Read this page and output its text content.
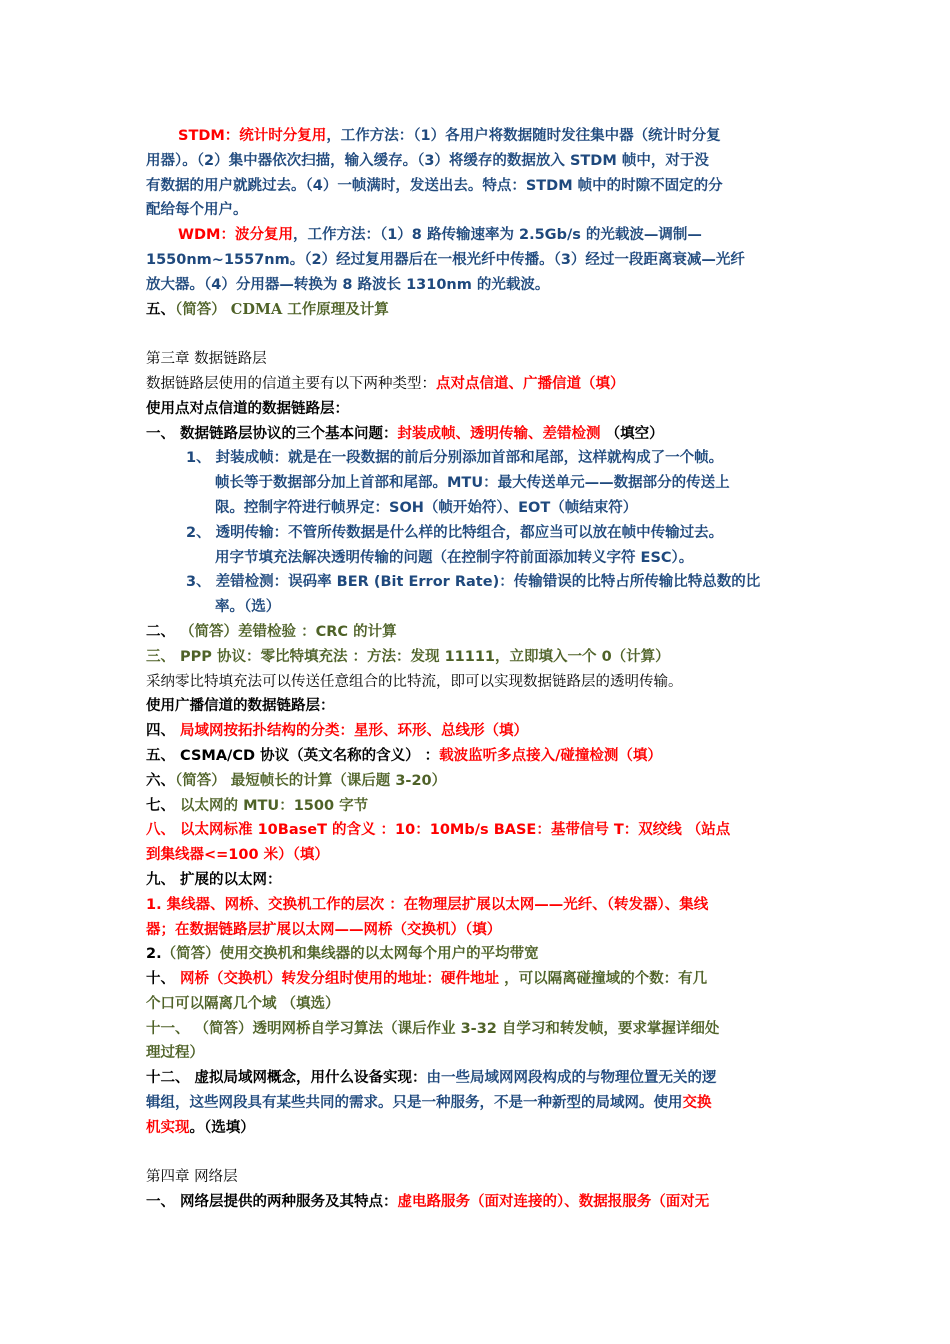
STDM：统计时分复用，工作方法：（1）各用户将数据随时发往集中器（统计时分复
用器）。（2）集中器依次扫描，输入缓存。（3）将缓存的数据放入 STDM 帧中，对于没
有数据的用户就跳过去。（4）一帧满时，发送出去。特点：STDM 帧中的时隙不固定的分
配给每个用户。
WDM：波分复用，工作方法：（1）8 路传输速率为 2.5Gb/s 的光载波—调制—
1550nm~1557nm。（2）经过复用器后在一根光纤中传播。（3）经过一段距离衰减—光纤
放大器。（4）分用器—转换为 8 路波长 1310nm 的光载波。
五、（简答） CDMA 工作原理及计算
第三章 数据链路层
数据链路层使用的信道主要有以下两种类型：点对点信道、广播信道（填）
使用点对点信道的数据链路层：
一、 数据链路层协议的三个基本问题：封装成帧、透明传输、差错检测 （填空）
1、 封装成帧：就是在一段数据的前后分别添加首部和尾部，这样就构成了一个帧。
帧长等于数据部分加上首部和尾部。MTU：最大传送单元——数据部分的传送上
限。控制字符进行帧界定：SOH（帧开始符）、EOT（帧结束符）
2、 透明传输：不管所传数据是什么样的比特组合，都应当可以放在帧中传输过去。
用字节填充法解决透明传输的问题（在控制字符前面添加转义字符 ESC）。
3、 差错检测：误码率 BER (Bit Error Rate)：传输错误的比特占所传输比特总数的比
率。（选）
二、 （简答）差错检验 ：CRC 的计算
三、 PPP 协议：零比特填充法 ：方法：发现 11111，立即填入一个 0（计算）
采纳零比特填充法可以传送任意组合的比特流，即可以实现数据链路层的透明传输。
使用广播信道的数据链路层：
四、 局域网按拓扑结构的分类：星形、环形、总线形（填）
五、 CSMA/CD 协议（英文名称的含义） ：载波监听多点接入/碰撞检测（填）
六、（简答） 最短帧长的计算（课后题 3-20）
七、 以太网的 MTU：1500 字节
八、 以太网标准 10BaseT 的含义 ：10：10Mb/s BASE：基带信号 T：双绞线 （站点
到集线器<=100 米）（填）
九、 扩展的以太网：
1. 集线器、网桥、交换机工作的层次 ：在物理层扩展以太网——光纤、（转发器）、集线
器；在数据链路层扩展以太网——网桥（交换机）（填）
2.（简答）使用交换机和集线器的以太网每个用户的平均带宽
十、 网桥（交换机）转发分组时使用的地址：硬件地址 ，可以隔离碰撞域的个数：有几
个口可以隔离几个域 （填选）
十一、 （简答）透明网桥自学习算法（课后作业 3-32 自学习和转发帧，要求掌握详细处
理过程）
十二、 虚拟局域网概念，用什么设备实现：由一些局域网网段构成的与物理位置无关的逻
辑组，这些网段具有某些共同的需求。只是一种服务，不是一种新型的局域网。使用交换
机实现。（选填）
第四章 网络层
一、 网络层提供的两种服务及其特点：虚电路服务（面对连接的）、数据报服务（面对无
